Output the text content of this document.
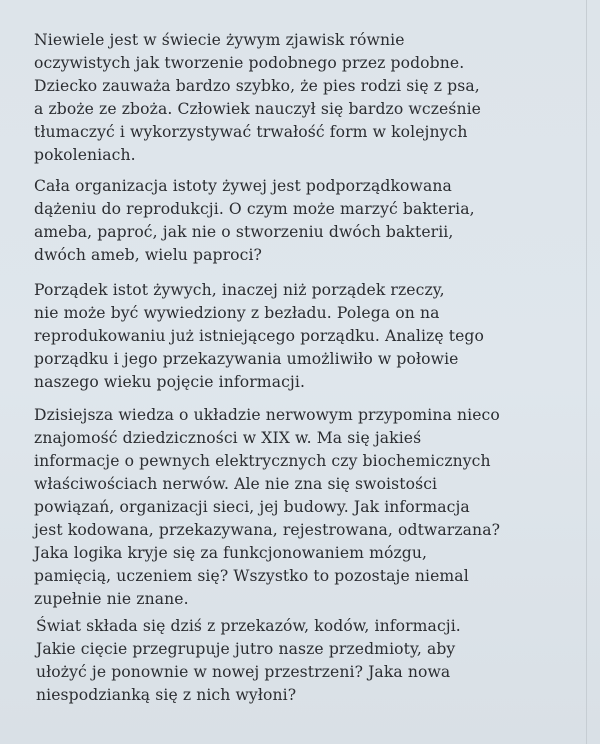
Niewiele jest w świecie żywym zjawisk równie
oczywistych jak tworzenie podobnego przez podobne.
Dziecko zauważa bardzo szybko, że pies rodzi się z psa,
a zboże ze zboża. Człowiek nauczył się bardzo wcześnie
tłumaczyć i wykorzystywać trwałość form w kolejnych
pokoleniach.
Cała organizacja istoty żywej jest podporządkowana
dążeniu do reprodukcji. O czym może marzyć bakteria,
ameba, paproć, jak nie o stworzeniu dwóch bakterii,
dwóch ameb, wielu paproci?
Porządek istot żywych, inaczej niż porządek rzeczy,
nie może być wywiedziony z bezładu. Polega on na
reprodukowaniu już istniejącego porządku. Analizę tego
porządku i jego przekazywania umożliwiło w połowie
naszego wieku pojęcie informacji.
Dzisiejsza wiedza o układzie nerwowym przypomina nieco
znajomość dziedziczności w XIX w. Ma się jakieś
informacje o pewnych elektrycznych czy biochemicznych
właściwościach nerwów. Ale nie zna się swoistości
powiązań, organizacji sieci, jej budowy. Jak informacja
jest kodowana, przekazywana, rejestrowana, odtwarzana?
Jaka logika kryje się za funkcjonowaniem mózgu,
pamięcią, uczeniem się? Wszystko to pozostaje niemal
zupełnie nie znane.
Świat składa się dziś z przekazów, kodów, informacji.
Jakie cięcie przegrupuje jutro nasze przedmioty, aby
ułożyć je ponownie w nowej przestrzeni? Jaka nowa
niespodzianką się z nich wyłoni?
